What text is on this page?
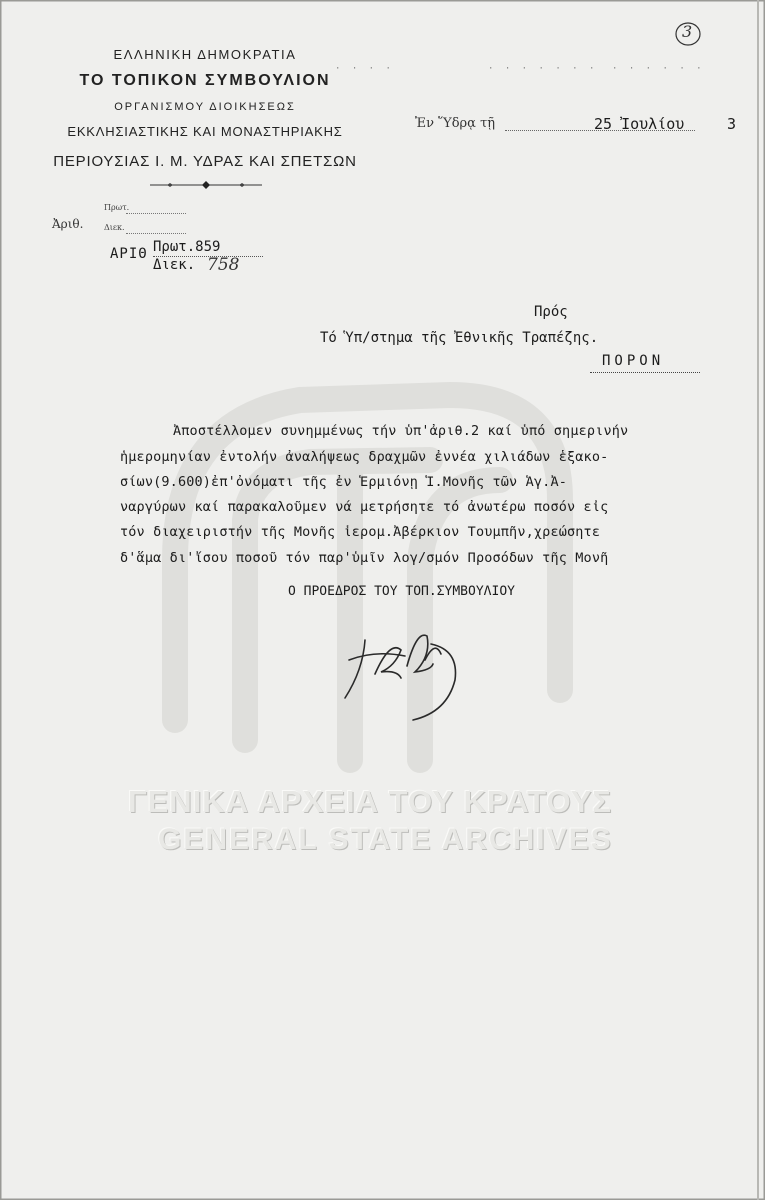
ΓΕΝΙΚΑ ΑΡΧΕΙΑ ΤΟΥ ΚΡΑΤΟΥΣ
GENERAL STATE ARCHIVES
3
ΕΛΛΗΝΙΚΗ ΔΗΜΟΚΡΑΤΙΑ
ΤΟ ΤΟΠΙΚΟΝ ΣΥΜΒΟΥΛΙΟΝ
ΟΡΓΑΝΙΣΜΟΥ ΔΙΟΙΚΗΣΕΩΣ
ΕΚΚΛΗΣΙΑΣΤΙΚΗΣ ΚΑΙ ΜΟΝΑΣΤΗΡΙΑΚΗΣ
ΠΕΡΙΟΥΣΙΑΣ Ι. Μ. ΥΔΡΑΣ ΚΑΙ ΣΠΕΤΣΩΝ
· · · ·	· · · · · · · · · · · · ·
Ἐν Ὕδρᾳ τῇ	25 Ἰουλίου	3
Ἀριθ.
Πρωτ.
Διεκ.
ΑΡΙΘ Πρωτ.859
Διεκ. 758
Πρός
Τό Ὑπ/στημα τῆς Ἐθνικῆς Τραπέζης.
ΠΟΡΟΝ
Ἀποστέλλομεν συνημμένως τήν ὑπ'ἀριθ.2 καί ὑπό σημερινήν
ἡμερομηνίαν ἐντολήν ἀναλήψεως δραχμῶν ἐννέα χιλιάδων ἑξακο-
σίων(9.600)ἐπ'ὀνόματι τῆς ἐν Ἑρμιόνῃ Ἱ.Μονῆς τῶν Ἁγ.Ἀ-
ναργύρων καί παρακαλοῦμεν νά μετρήσητε τό ἀνωτέρω ποσόν εἰς
τόν διαχειριστήν τῆς Μονῆς ἱερομ.Ἀβέρκιον Τουμπῆν,χρεώσητε
δ'ἅμα δι'ἴσου ποσοῦ τόν παρ'ὑμῖν λογ/σμόν Προσόδων τῆς Μονῆ
Ο ΠΡΟΕΔΡΟΣ ΤΟΥ ΤΟΠ.ΣΥΜΒΟΥΛΙΟΥ
